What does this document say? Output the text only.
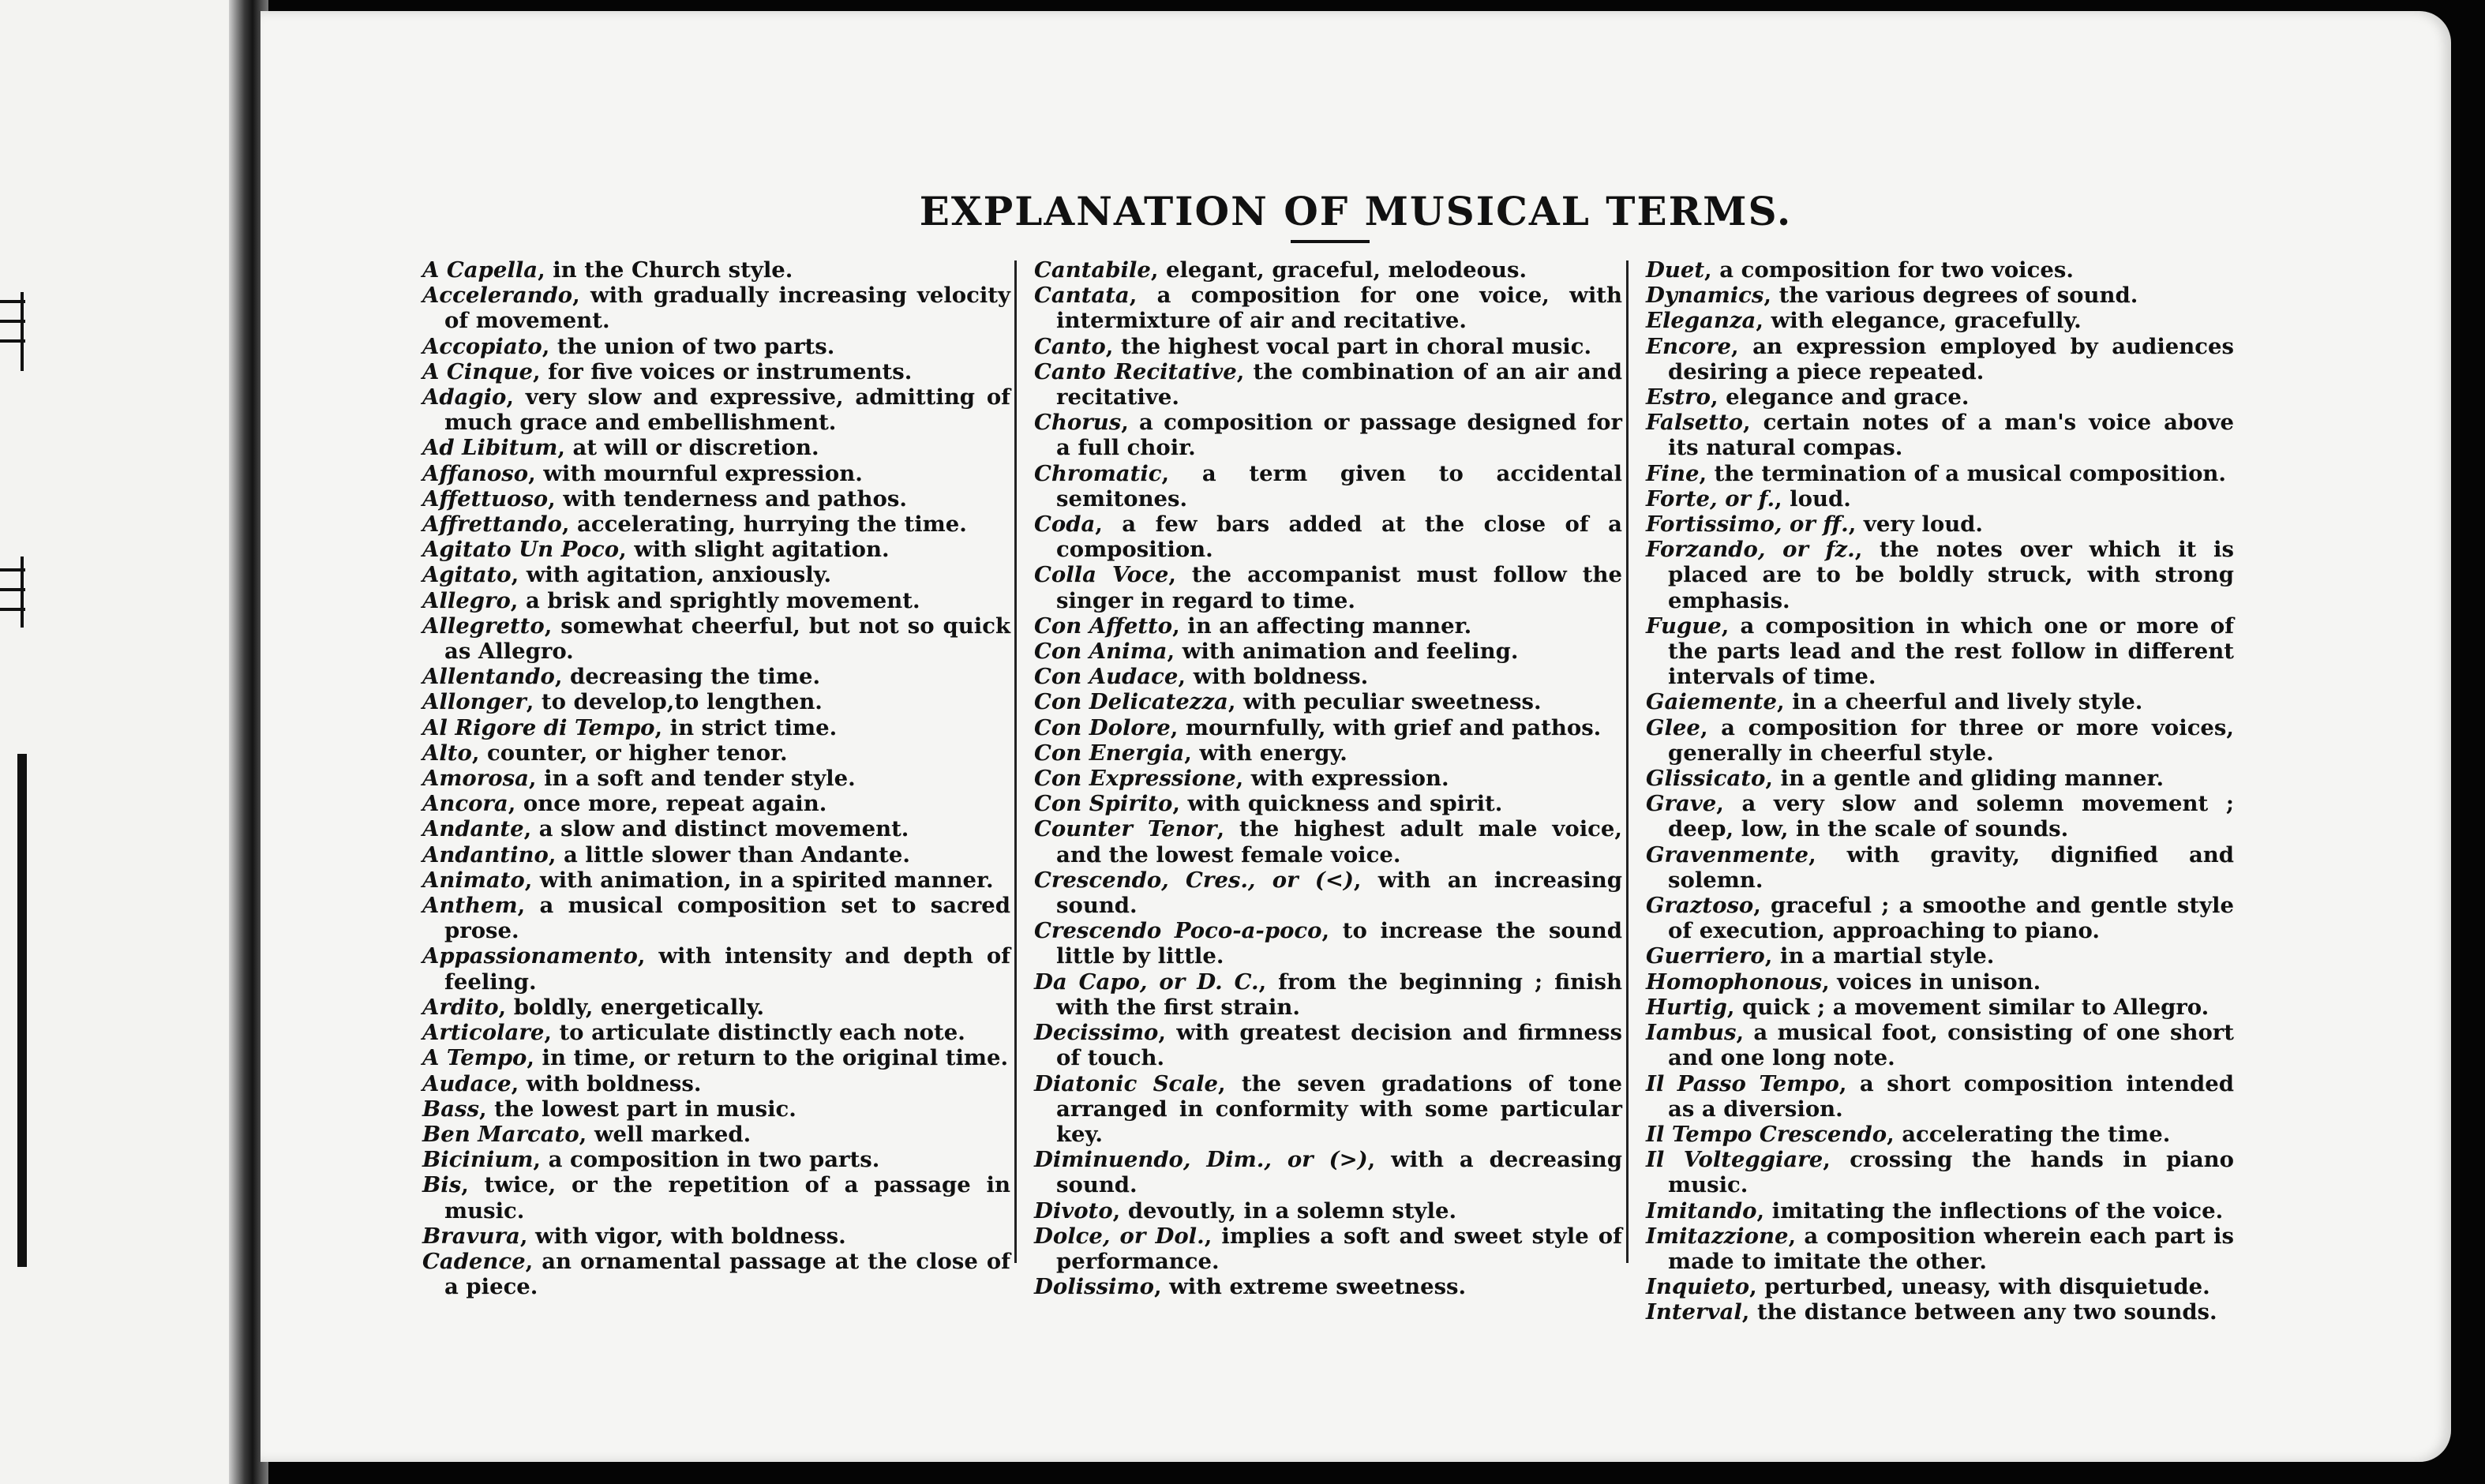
EXPLANATION OF MUSICAL TERMS.
A Capella, in the Church style.
Accelerando, with gradually increasing velocity of movement.
Accopiato, the union of two parts.
A Cinque, for five voices or instruments.
Adagio, very slow and expressive, admitting of much grace and embellishment.
Ad Libitum, at will or discretion.
Affanoso, with mournful expression.
Affettuoso, with tenderness and pathos.
Affrettando, accelerating, hurrying the time.
Agitato Un Poco, with slight agitation.
Agitato, with agitation, anxiously.
Allegro, a brisk and sprightly movement.
Allegretto, somewhat cheerful, but not so quick as Allegro.
Allentando, decreasing the time.
Allonger, to develop,to lengthen.
Al Rigore di Tempo, in strict time.
Alto, counter, or higher tenor.
Amorosa, in a soft and tender style.
Ancora, once more, repeat again.
Andante, a slow and distinct movement.
Andantino, a little slower than Andante.
Animato, with animation, in a spirited manner.
Anthem, a musical composition set to sacred prose.
Appassionamento, with intensity and depth of feeling.
Ardito, boldly, energetically.
Articolare, to articulate distinctly each note.
A Tempo, in time, or return to the original time.
Audace, with boldness.
Bass, the lowest part in music.
Ben Marcato, well marked.
Bicinium, a composition in two parts.
Bis, twice, or the repetition of a passage in music.
Bravura, with vigor, with boldness.
Cadence, an ornamental passage at the close of a piece.
Cantabile, elegant, graceful, melodeous.
Cantata, a composition for one voice, with intermixture of air and recitative.
Canto, the highest vocal part in choral music.
Canto Recitative, the combination of an air and recitative.
Chorus, a composition or passage designed for a full choir.
Chromatic, a term given to accidental semitones.
Coda, a few bars added at the close of a composition.
Colla Voce, the accompanist must follow the singer in regard to time.
Con Affetto, in an affecting manner.
Con Anima, with animation and feeling.
Con Audace, with boldness.
Con Delicatezza, with peculiar sweetness.
Con Dolore, mournfully, with grief and pathos.
Con Energia, with energy.
Con Expressione, with expression.
Con Spirito, with quickness and spirit.
Counter Tenor, the highest adult male voice, and the lowest female voice.
Crescendo, Cres., or (<), with an increasing sound.
Crescendo Poco-a-poco, to increase the sound little by little.
Da Capo, or D. C., from the beginning ; finish with the first strain.
Decissimo, with greatest decision and firmness of touch.
Diatonic Scale, the seven gradations of tone arranged in conformity with some particular key.
Diminuendo, Dim., or (>), with a decreasing sound.
Divoto, devoutly, in a solemn style.
Dolce, or Dol., implies a soft and sweet style of performance.
Dolissimo, with extreme sweetness.
Duet, a composition for two voices.
Dynamics, the various degrees of sound.
Eleganza, with elegance, gracefully.
Encore, an expression employed by audiences desiring a piece repeated.
Estro, elegance and grace.
Falsetto, certain notes of a man's voice above its natural compas.
Fine, the termination of a musical composition.
Forte, or f., loud.
Fortissimo, or ff., very loud.
Forzando, or fz., the notes over which it is placed are to be boldly struck, with strong emphasis.
Fugue, a composition in which one or more of the parts lead and the rest follow in different intervals of time.
Gaiemente, in a cheerful and lively style.
Glee, a composition for three or more voices, generally in cheerful style.
Glissicato, in a gentle and gliding manner.
Grave, a very slow and solemn movement ; deep, low, in the scale of sounds.
Gravenmente, with gravity, dignified and solemn.
Graztoso, graceful ; a smoothe and gentle style of execution, approaching to piano.
Guerriero, in a martial style.
Homophonous, voices in unison.
Hurtig, quick ; a movement similar to Allegro.
Iambus, a musical foot, consisting of one short and one long note.
Il Passo Tempo, a short composition intended as a diversion.
Il Tempo Crescendo, accelerating the time.
Il Volteggiare, crossing the hands in piano music.
Imitando, imitating the inflections of the voice.
Imitazzione, a composition wherein each part is made to imitate the other.
Inquieto, perturbed, uneasy, with disquietude.
Interval, the distance between any two sounds.
